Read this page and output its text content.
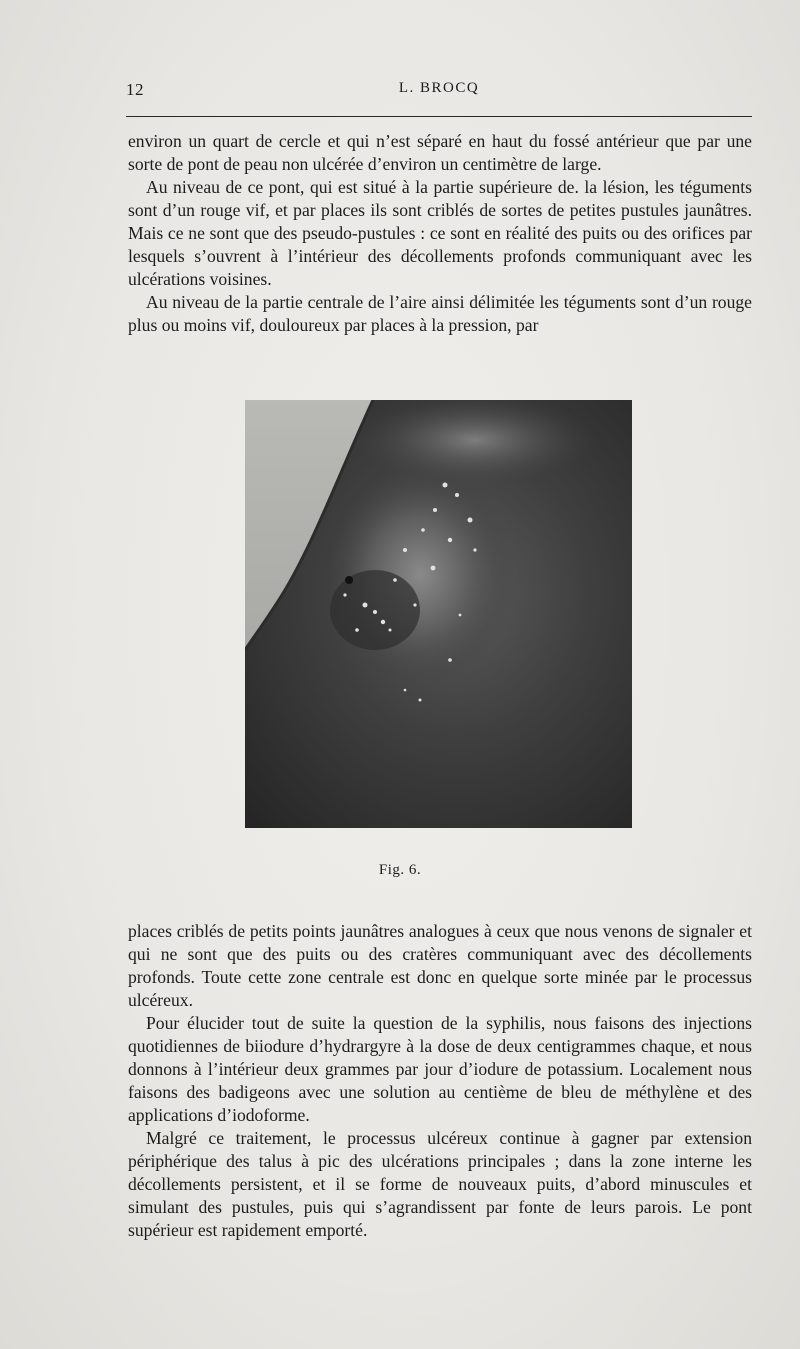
12	L. BROCQ

environ un quart de cercle et qui n’est séparé en haut du fossé antérieur que par une sorte de pont de peau non ulcérée d’environ un centimètre de large.

Au niveau de ce pont, qui est situé à la partie supérieure de. la lésion, les téguments sont d’un rouge vif, et par places ils sont criblés de sortes de petites pustules jaunâtres. Mais ce ne sont que des pseudo-pustules : ce sont en réalité des puits ou des orifices par lesquels s’ouvrent à l’intérieur des décollements profonds communiquant avec les ulcérations voisines.

Au niveau de la partie centrale de l’aire ainsi délimitée les téguments sont d’un rouge plus ou moins vif, douloureux par places à la pression, par

Fig. 6.

places criblés de petits points jaunâtres analogues à ceux que nous venons de signaler et qui ne sont que des puits ou des cratères communiquant avec des décollements profonds. Toute cette zone centrale est donc en quelque sorte minée par le processus ulcéreux.

Pour élucider tout de suite la question de la syphilis, nous faisons des injections quotidiennes de biiodure d’hydrargyre à la dose de deux centigrammes chaque, et nous donnons à l’intérieur deux grammes par jour d’iodure de potassium. Localement nous faisons des badigeons avec une solution au centième de bleu de méthylène et des applications d’iodoforme.

Malgré ce traitement, le processus ulcéreux continue à gagner par extension périphérique des talus à pic des ulcérations principales ; dans la zone interne les décollements persistent, et il se forme de nouveaux puits, d’abord minuscules et simulant des pustules, puis qui s’agrandissent par fonte de leurs parois. Le pont supérieur est rapidement emporté.
